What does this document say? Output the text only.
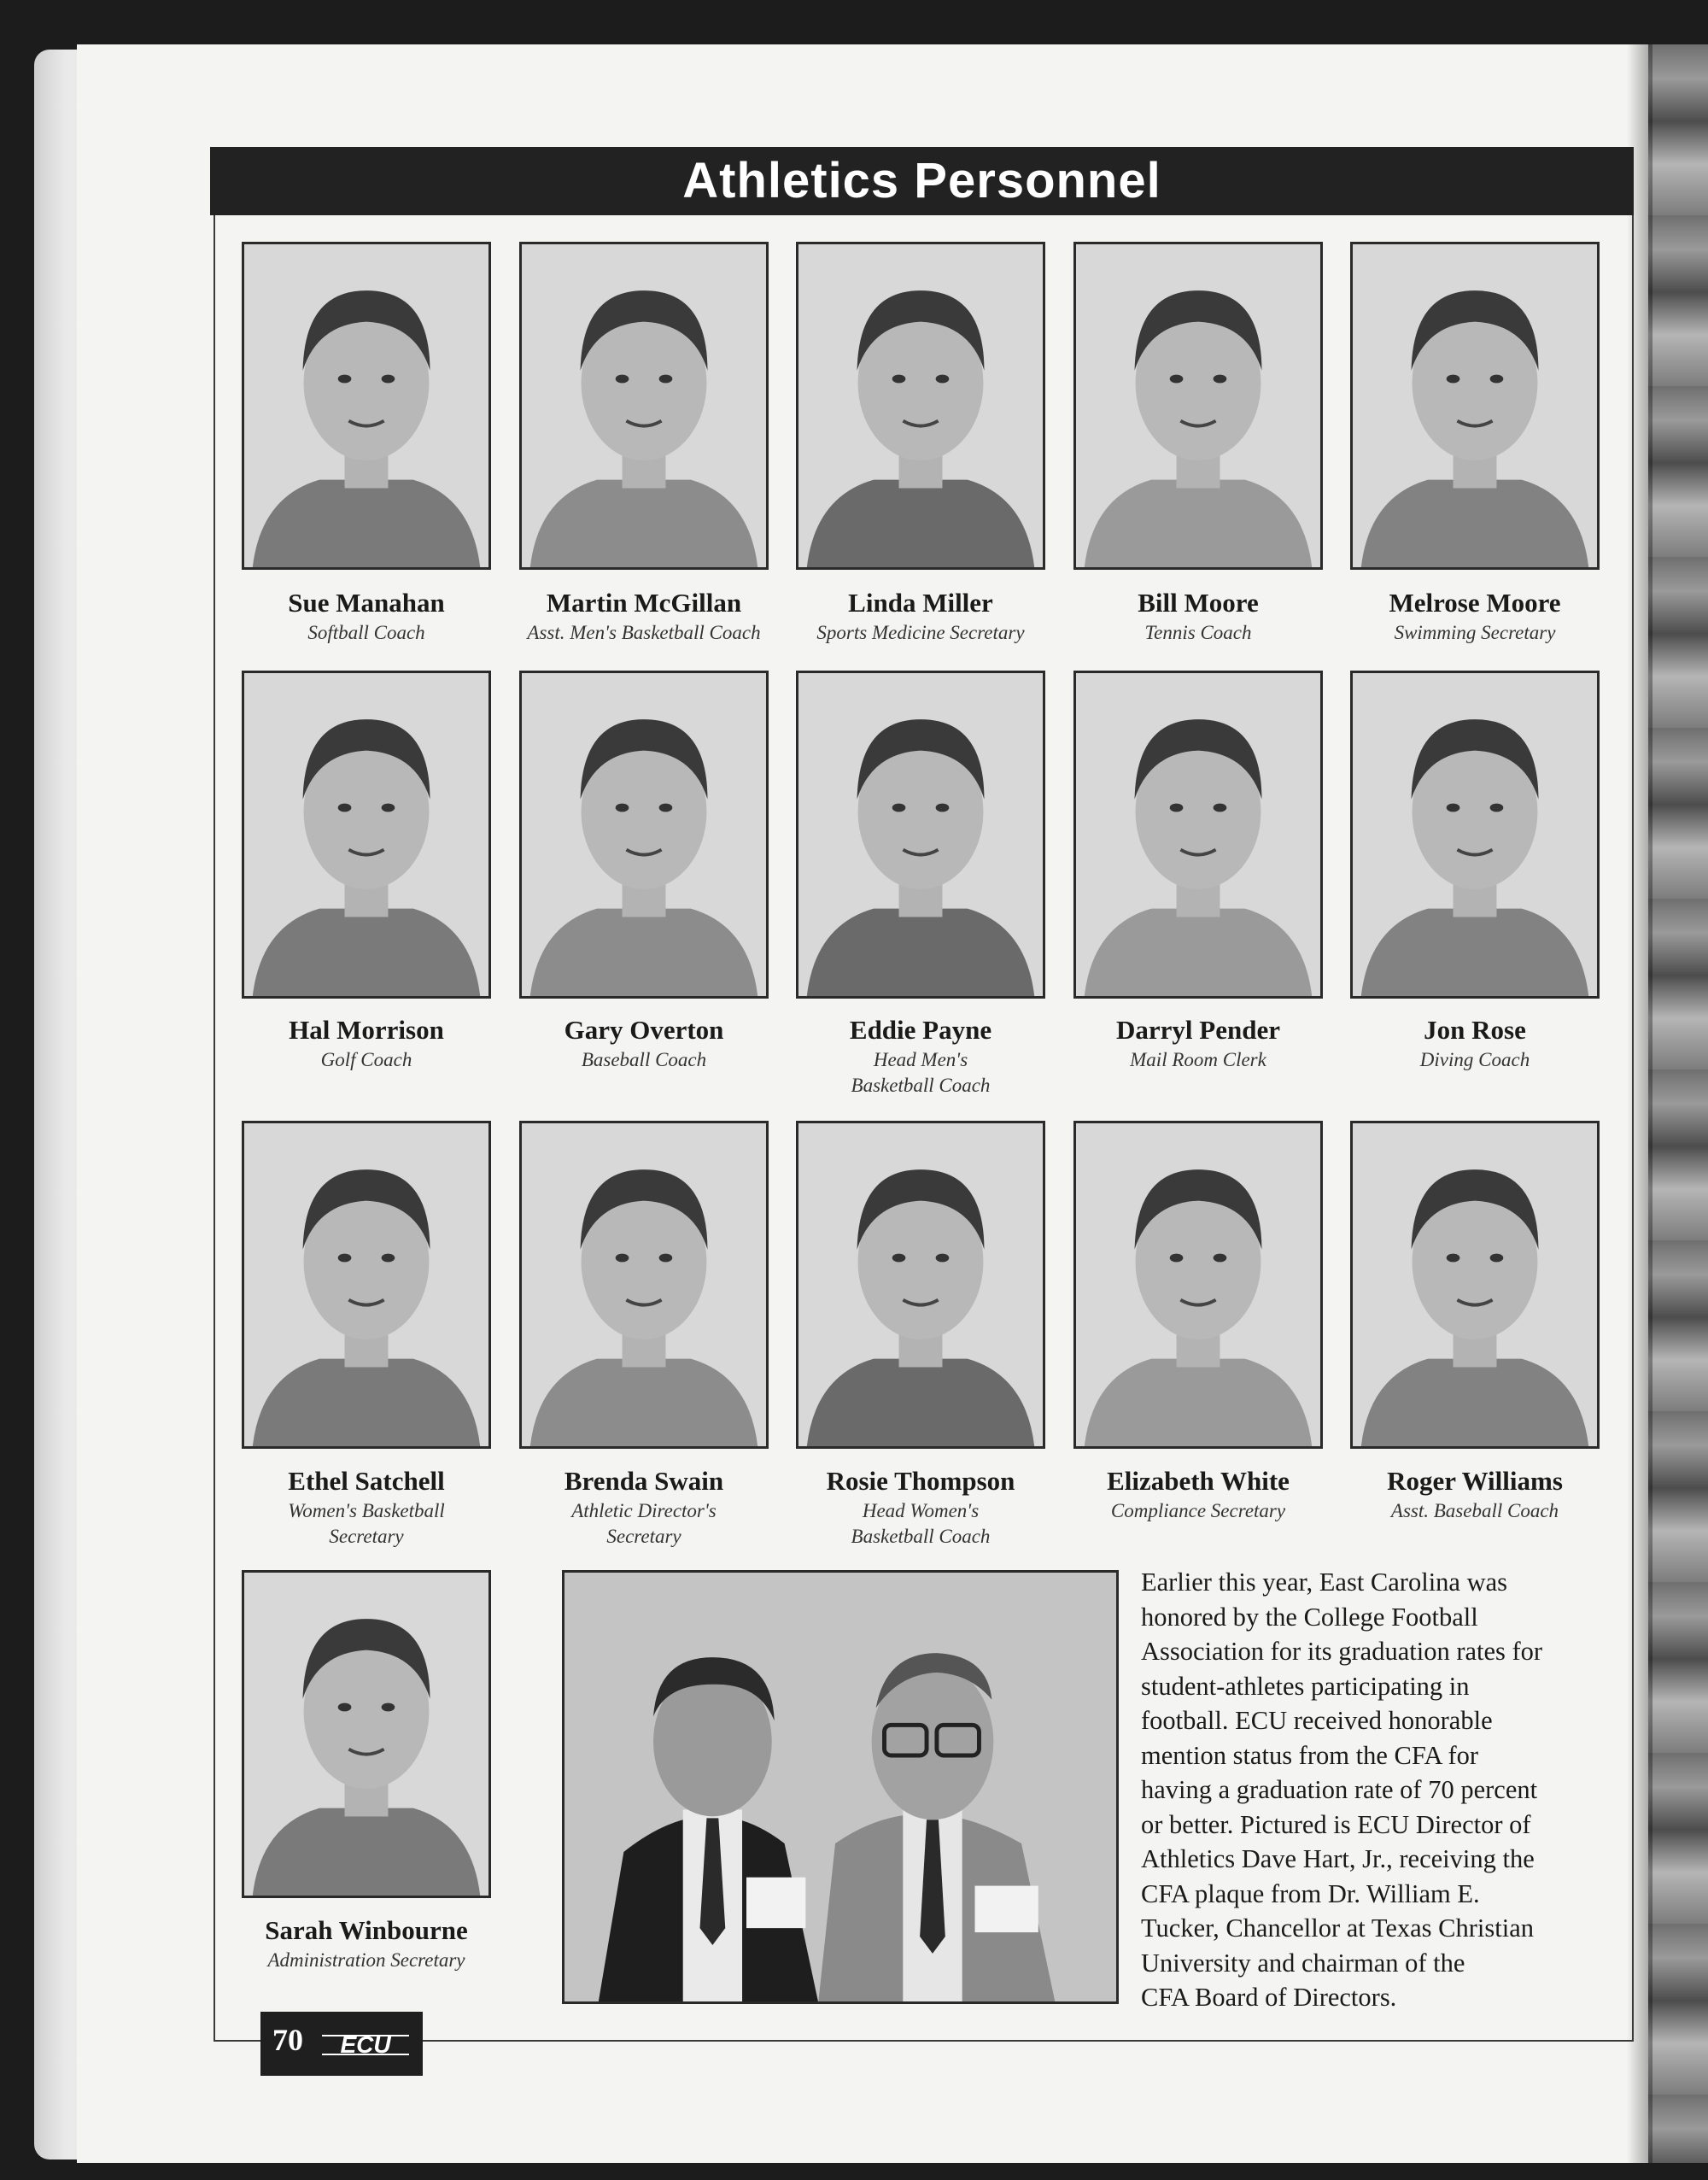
Athletics Personnel
Sue Manahan
Softball Coach
Martin McGillan
Asst. Men's Basketball Coach
Linda Miller
Sports Medicine Secretary
Bill Moore
Tennis Coach
Melrose Moore
Swimming Secretary
Hal Morrison
Golf Coach
Gary Overton
Baseball Coach
Eddie Payne
Head Men's
Basketball Coach
Darryl Pender
Mail Room Clerk
Jon Rose
Diving Coach
Ethel Satchell
Women's Basketball
Secretary
Brenda Swain
Athletic Director's
Secretary
Rosie Thompson
Head Women's
Basketball Coach
Elizabeth White
Compliance Secretary
Roger Williams
Asst. Baseball Coach
Sarah Winbourne
Administration Secretary
Earlier this year, East Carolina was
honored by the College Football
Association for its graduation rates for
student-athletes participating in
football. ECU received honorable
mention status from the CFA for
having a graduation rate of 70 percent
or better. Pictured is ECU Director of
Athletics Dave Hart, Jr., receiving the
CFA plaque from Dr. William E.
Tucker, Chancellor at Texas Christian
University and chairman of the
CFA Board of Directors.
70 ECU
